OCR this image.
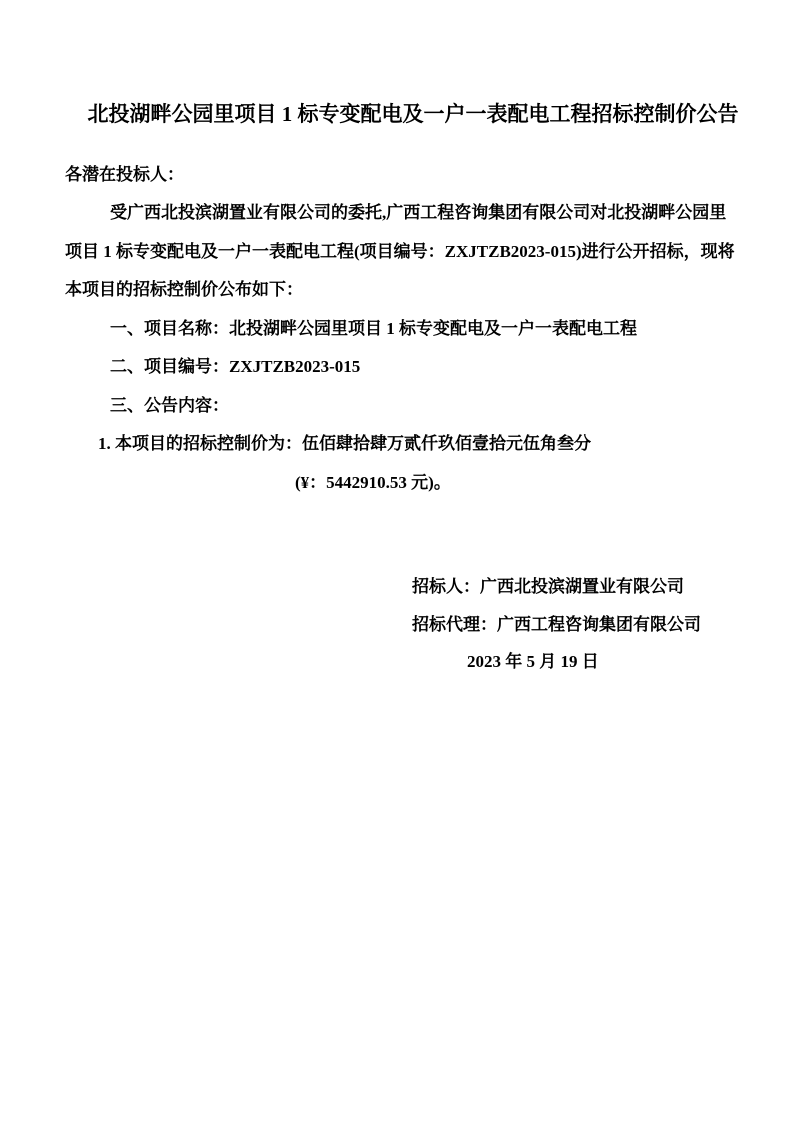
北投湖畔公园里项目 1 标专变配电及一户一表配电工程招标控制价公告
各潜在投标人：
受广西北投滨湖置业有限公司的委托,广西工程咨询集团有限公司对北投湖畔公园里
项目 1 标专变配电及一户一表配电工程(项目编号：ZXJTZB2023-015)进行公开招标，现将
本项目的招标控制价公布如下：
一、项目名称：北投湖畔公园里项目 1 标专变配电及一户一表配电工程
二、项目编号：ZXJTZB2023-015
三、公告内容：
1. 本项目的招标控制价为：伍佰肆拾肆万贰仟玖佰壹拾元伍角叁分
(¥：5442910.53 元)。
招标人：广西北投滨湖置业有限公司
招标代理：广西工程咨询集团有限公司
2023 年 5 月 19 日
